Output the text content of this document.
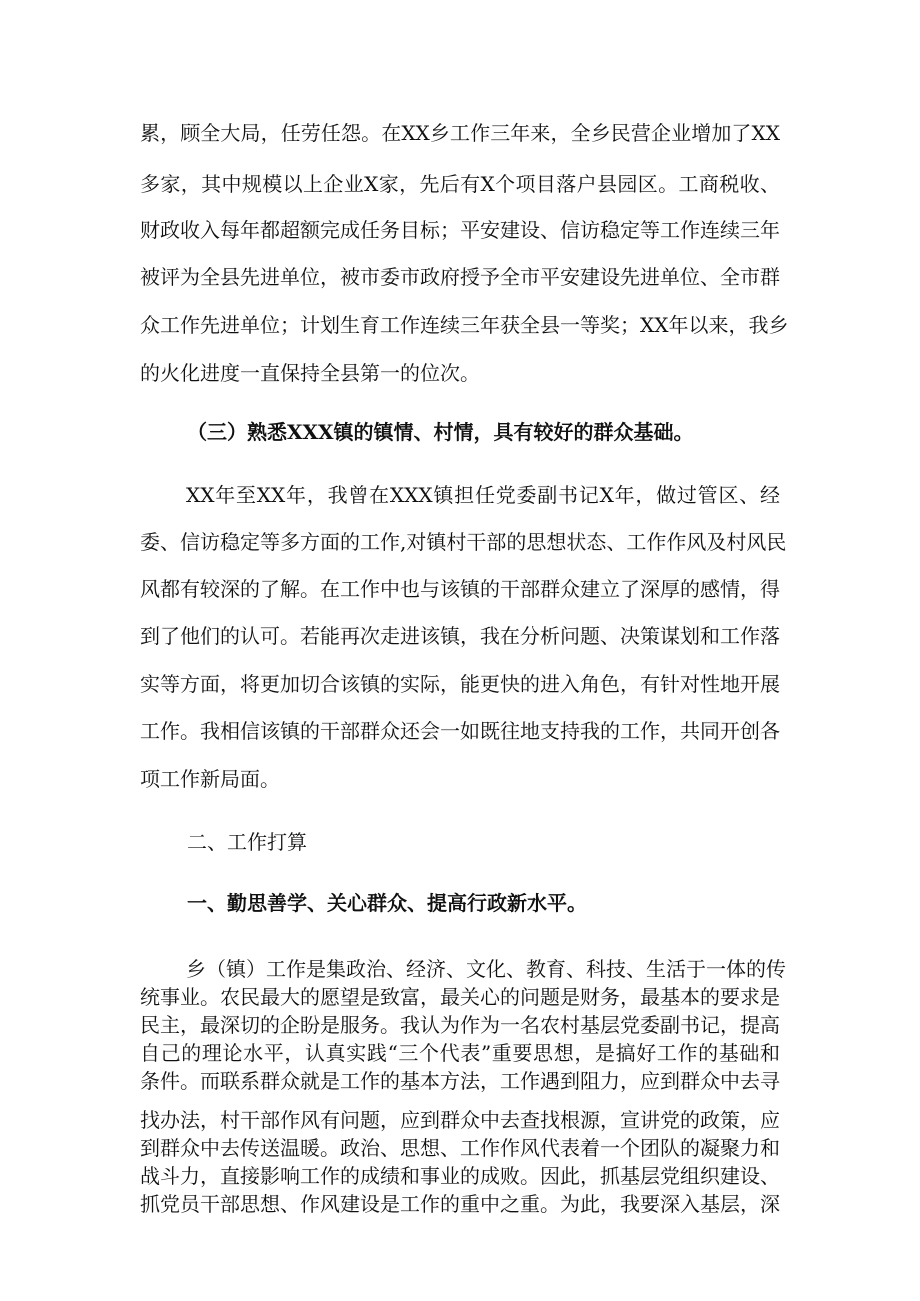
累，顾全大局，任劳任怨。在XX乡工作三年来，全乡民营企业增加了XX
多家，其中规模以上企业X家，先后有X个项目落户县园区。工商税收、
财政收入每年都超额完成任务目标；平安建设、信访稳定等工作连续三年
被评为全县先进单位，被市委市政府授予全市平安建设先进单位、全市群
众工作先进单位；计划生育工作连续三年获全县一等奖；XX年以来，我乡
的火化进度一直保持全县第一的位次。
（三）熟悉XXX镇的镇情、村情，具有较好的群众基础。
XX年至XX年，我曾在XXX镇担任党委副书记X年，做过管区、经
委、信访稳定等多方面的工作,对镇村干部的思想状态、工作作风及村风民
风都有较深的了解。在工作中也与该镇的干部群众建立了深厚的感情，得
到了他们的认可。若能再次走进该镇，我在分析问题、决策谋划和工作落
实等方面，将更加切合该镇的实际，能更快的进入角色，有针对性地开展
工作。我相信该镇的干部群众还会一如既往地支持我的工作，共同开创各
项工作新局面。
二、工作打算
一、勤思善学、关心群众、提高行政新水平。
乡（镇）工作是集政治、经济、文化、教育、科技、生活于一体的传
统事业。农民最大的愿望是致富，最关心的问题是财务，最基本的要求是
民主，最深切的企盼是服务。我认为作为一名农村基层党委副书记，提高
自己的理论水平，认真实践“三个代表”重要思想，是搞好工作的基础和
条件。而联系群众就是工作的基本方法，工作遇到阻力，应到群众中去寻
找办法，村干部作风有问题，应到群众中去查找根源，宣讲党的政策，应
到群众中去传送温暖。政治、思想、工作作风代表着一个团队的凝聚力和
战斗力，直接影响工作的成绩和事业的成败。因此，抓基层党组织建设、
抓党员干部思想、作风建设是工作的重中之重。为此，我要深入基层，深
